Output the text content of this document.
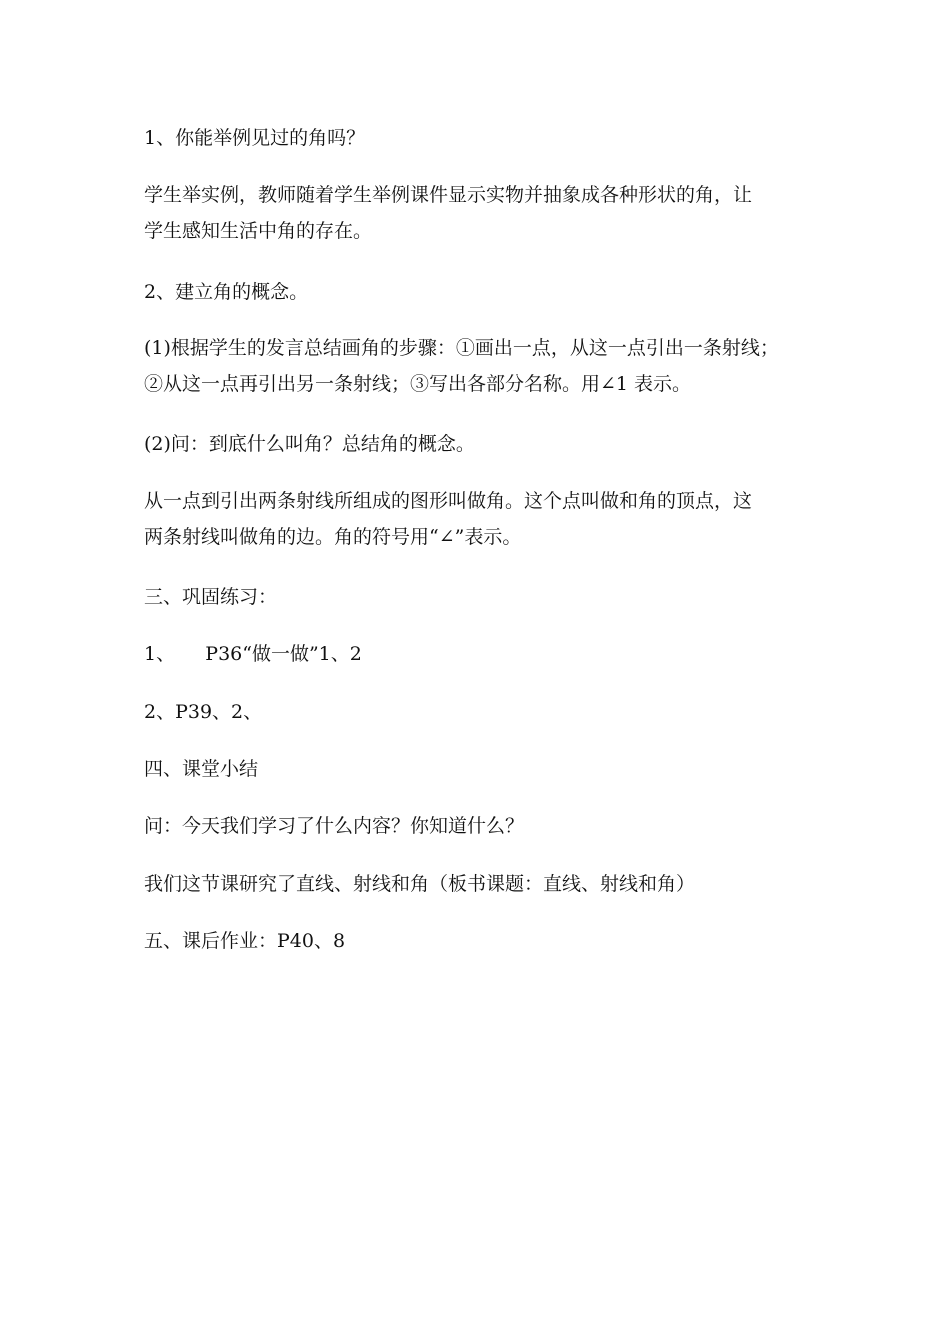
1、你能举例见过的角吗？

学生举实例，教师随着学生举例课件显示实物并抽象成各种形状的角，让
学生感知生活中角的存在。

2、建立角的概念。

(1)根据学生的发言总结画角的步骤：①画出一点，从这一点引出一条射线；
②从这一点再引出另一条射线；③写出各部分名称。用∠1 表示。

(2)问：到底什么叫角？总结角的概念。

从一点到引出两条射线所组成的图形叫做角。这个点叫做和角的顶点，这
两条射线叫做角的边。角的符号用“∠”表示。

三、巩固练习：

1、     P36“做一做”1、2

2、P39、2、

四、课堂小结

问：今天我们学习了什么内容？你知道什么？

我们这节课研究了直线、射线和角（板书课题：直线、射线和角）

五、课后作业：P40、8
